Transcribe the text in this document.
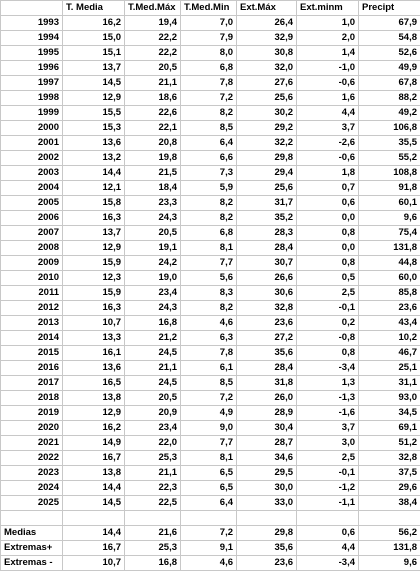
	T. Media	T.Med.Máx	T.Med.Min	Ext.Máx	Ext.minm	Precipt
1993	16,2	19,4	7,0	26,4	1,0	67,9
1994	15,0	22,2	7,9	32,9	2,0	54,8
1995	15,1	22,2	8,0	30,8	1,4	52,6
1996	13,7	20,5	6,8	32,0	-1,0	49,9
1997	14,5	21,1	7,8	27,6	-0,6	67,8
1998	12,9	18,6	7,2	25,6	1,6	88,2
1999	15,5	22,6	8,2	30,2	4,4	49,2
2000	15,3	22,1	8,5	29,2	3,7	106,8
2001	13,6	20,8	6,4	32,2	-2,6	35,5
2002	13,2	19,8	6,6	29,8	-0,6	55,2
2003	14,4	21,5	7,3	29,4	1,8	108,8
2004	12,1	18,4	5,9	25,6	0,7	91,8
2005	15,8	23,3	8,2	31,7	0,6	60,1
2006	16,3	24,3	8,2	35,2	0,0	9,6
2007	13,7	20,5	6,8	28,3	0,8	75,4
2008	12,9	19,1	8,1	28,4	0,0	131,8
2009	15,9	24,2	7,7	30,7	0,8	44,8
2010	12,3	19,0	5,6	26,6	0,5	60,0
2011	15,9	23,4	8,3	30,6	2,5	85,8
2012	16,3	24,3	8,2	32,8	-0,1	23,6
2013	10,7	16,8	4,6	23,6	0,2	43,4
2014	13,3	21,2	6,3	27,2	-0,8	10,2
2015	16,1	24,5	7,8	35,6	0,8	46,7
2016	13,6	21,1	6,1	28,4	-3,4	25,1
2017	16,5	24,5	8,5	31,8	1,3	31,1
2018	13,8	20,5	7,2	26,0	-1,3	93,0
2019	12,9	20,9	4,9	28,9	-1,6	34,5
2020	16,2	23,4	9,0	30,4	3,7	69,1
2021	14,9	22,0	7,7	28,7	3,0	51,2
2022	16,7	25,3	8,1	34,6	2,5	32,8
2023	13,8	21,1	6,5	29,5	-0,1	37,5
2024	14,4	22,3	6,5	30,0	-1,2	29,6
2025	14,5	22,5	6,4	33,0	-1,1	38,4

Medias	14,4	21,6	7,2	29,8	0,6	56,2
Extremas+	16,7	25,3	9,1	35,6	4,4	131,8
Extremas -	10,7	16,8	4,6	23,6	-3,4	9,6
